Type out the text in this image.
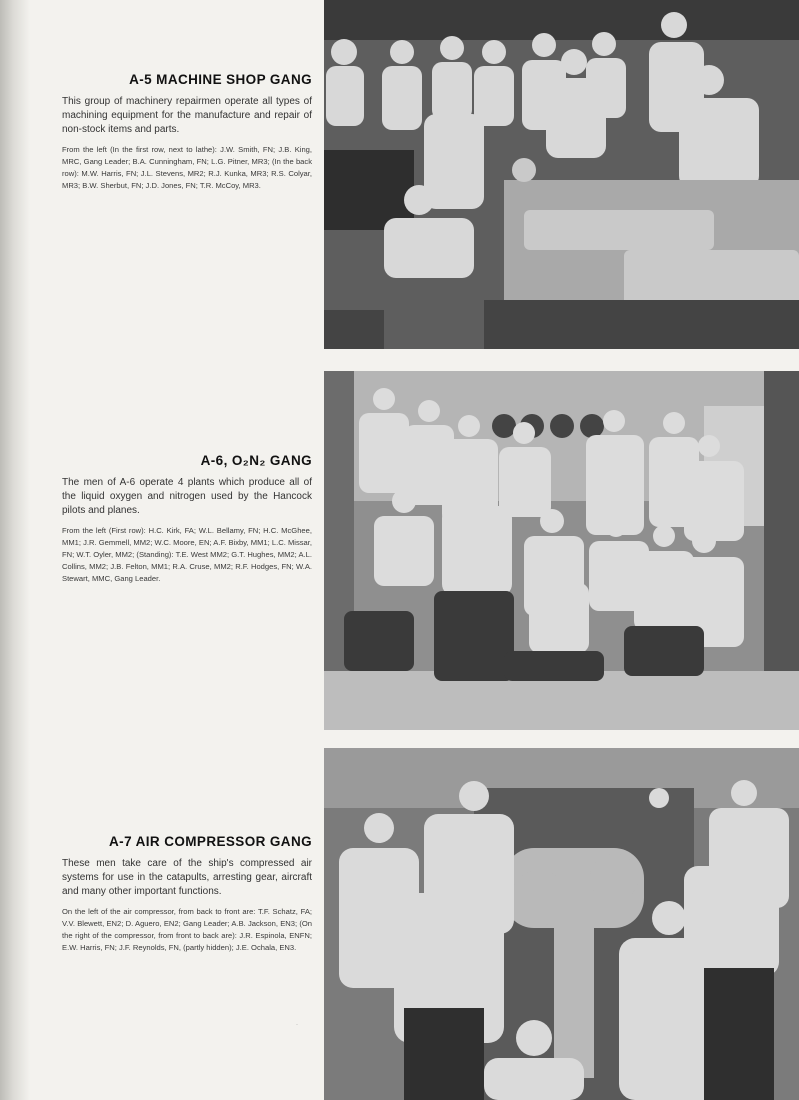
A-5 MACHINE SHOP GANG

This group of machinery repairmen operate all types of machining equipment for the manufacture and repair of non-stock items and parts.

From the left (In the first row, next to lathe): J.W. Smith, FN; J.B. King, MRC, Gang Leader; B.A. Cunningham, FN; L.G. Pitner, MR3; (In the back row): M.W. Harris, FN; J.L. Stevens, MR2; R.J. Kunka, MR3; R.S. Colyar, MR3; B.W. Sherbut, FN; J.D. Jones, FN; T.R. McCoy, MR3.

A-6, O₂N₂ GANG

The men of A-6 operate 4 plants which produce all of the liquid oxygen and nitrogen used by the Hancock pilots and planes.

From the left (First row): H.C. Kirk, FA; W.L. Bellamy, FN; H.C. McGhee, MM1; J.R. Gemmell, MM2; W.C. Moore, EN; A.F. Bixby, MM1; L.C. Missar, FN; W.T. Oyler, MM2; (Standing): T.E. West MM2; G.T. Hughes, MM2; A.L. Collins, MM2; J.B. Felton, MM1; R.A. Cruse, MM2; R.F. Hodges, FN; W.A. Stewart, MMC, Gang Leader.

A-7 AIR COMPRESSOR GANG

These men take care of the ship's compressed air systems for use in the catapults, arresting gear, aircraft and many other important functions.

On the left of the air compressor, from back to front are: T.F. Schatz, FA; V.V. Blewett, EN2; D. Aguero, EN2; Gang Leader; A.B. Jackson, EN3; (On the right of the compressor, from front to back are): J.R. Espinola, ENFN; E.W. Harris, FN; J.F. Reynolds, FN, (partly hidden); J.E. Ochala, EN3.

·
